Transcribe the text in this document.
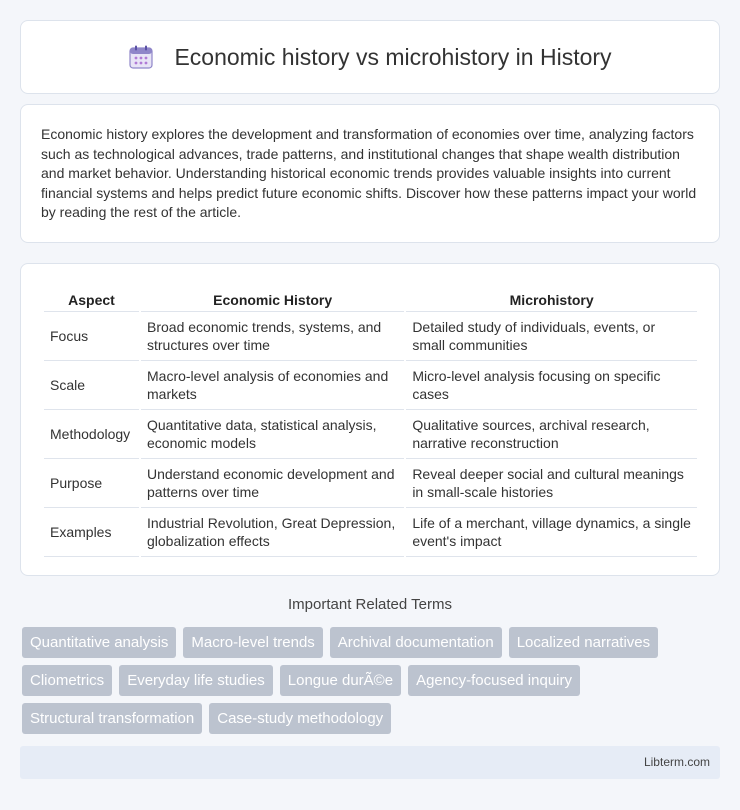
Economic history vs microhistory in History

Economic history explores the development and transformation of economies over time, analyzing factors such as technological advances, trade patterns, and institutional changes that shape wealth distribution and market behavior. Understanding historical economic trends provides valuable insights into current financial systems and helps predict future economic shifts. Discover how these patterns impact your world by reading the rest of the article.

Aspect	Economic History	Microhistory
Focus	Broad economic trends, systems, and structures over time	Detailed study of individuals, events, or small communities
Scale	Macro-level analysis of economies and markets	Micro-level analysis focusing on specific cases
Methodology	Quantitative data, statistical analysis, economic models	Qualitative sources, archival research, narrative reconstruction
Purpose	Understand economic development and patterns over time	Reveal deeper social and cultural meanings in small-scale histories
Examples	Industrial Revolution, Great Depression, globalization effects	Life of a merchant, village dynamics, a single event's impact
Important Related Terms
Quantitative analysis	Macro-level trends	Archival documentation	Localized narratives
Cliometrics	Everyday life studies	Longue durÃ©e	Agency-focused inquiry
Structural transformation	Case-study methodology
Libterm.com
